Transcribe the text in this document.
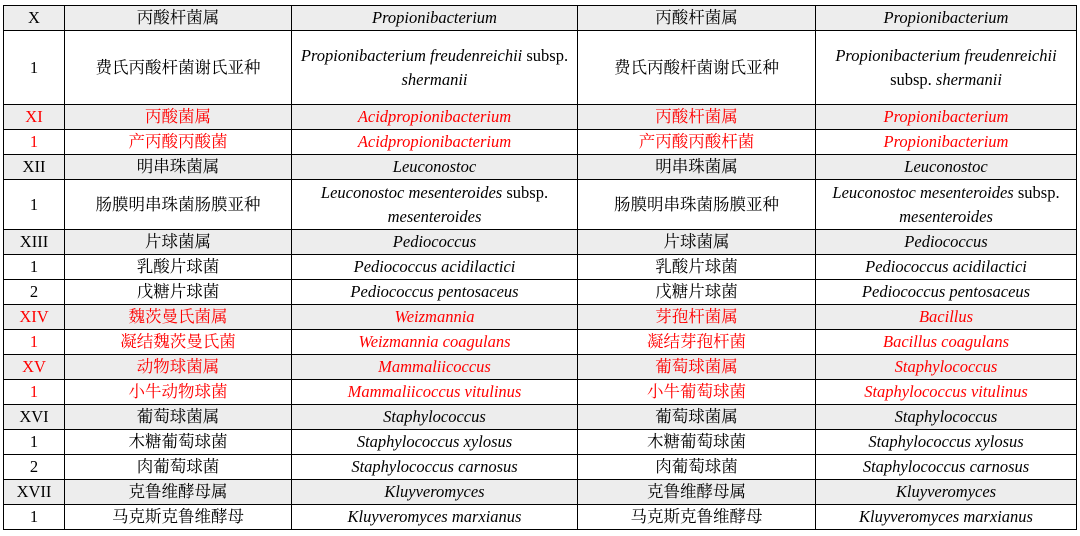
X	丙酸杆菌属	Propionibacterium	丙酸杆菌属	Propionibacterium
1	费氏丙酸杆菌谢氏亚种	Propionibacterium freudenreichii subsp. shermanii	费氏丙酸杆菌谢氏亚种	Propionibacterium freudenreichii subsp. shermanii
XI	丙酸菌属	Acidpropionibacterium	丙酸杆菌属	Propionibacterium
1	产丙酸丙酸菌	Acidpropionibacterium	产丙酸丙酸杆菌	Propionibacterium
XII	明串珠菌属	Leuconostoc	明串珠菌属	Leuconostoc
1	肠膜明串珠菌肠膜亚种	Leuconostoc mesenteroides subsp. mesenteroides	肠膜明串珠菌肠膜亚种	Leuconostoc mesenteroides subsp. mesenteroides
XIII	片球菌属	Pediococcus	片球菌属	Pediococcus
1	乳酸片球菌	Pediococcus acidilactici	乳酸片球菌	Pediococcus acidilactici
2	戊糖片球菌	Pediococcus pentosaceus	戊糖片球菌	Pediococcus pentosaceus
XIV	魏茨曼氏菌属	Weizmannia	芽孢杆菌属	Bacillus
1	凝结魏茨曼氏菌	Weizmannia coagulans	凝结芽孢杆菌	Bacillus coagulans
XV	动物球菌属	Mammaliicoccus	葡萄球菌属	Staphylococcus
1	小牛动物球菌	Mammaliicoccus vitulinus	小牛葡萄球菌	Staphylococcus vitulinus
XVI	葡萄球菌属	Staphylococcus	葡萄球菌属	Staphylococcus
1	木糖葡萄球菌	Staphylococcus xylosus	木糖葡萄球菌	Staphylococcus xylosus
2	肉葡萄球菌	Staphylococcus carnosus	肉葡萄球菌	Staphylococcus carnosus
XVII	克鲁维酵母属	Kluyveromyces	克鲁维酵母属	Kluyveromyces
1	马克斯克鲁维酵母	Kluyveromyces marxianus	马克斯克鲁维酵母	Kluyveromyces marxianus
